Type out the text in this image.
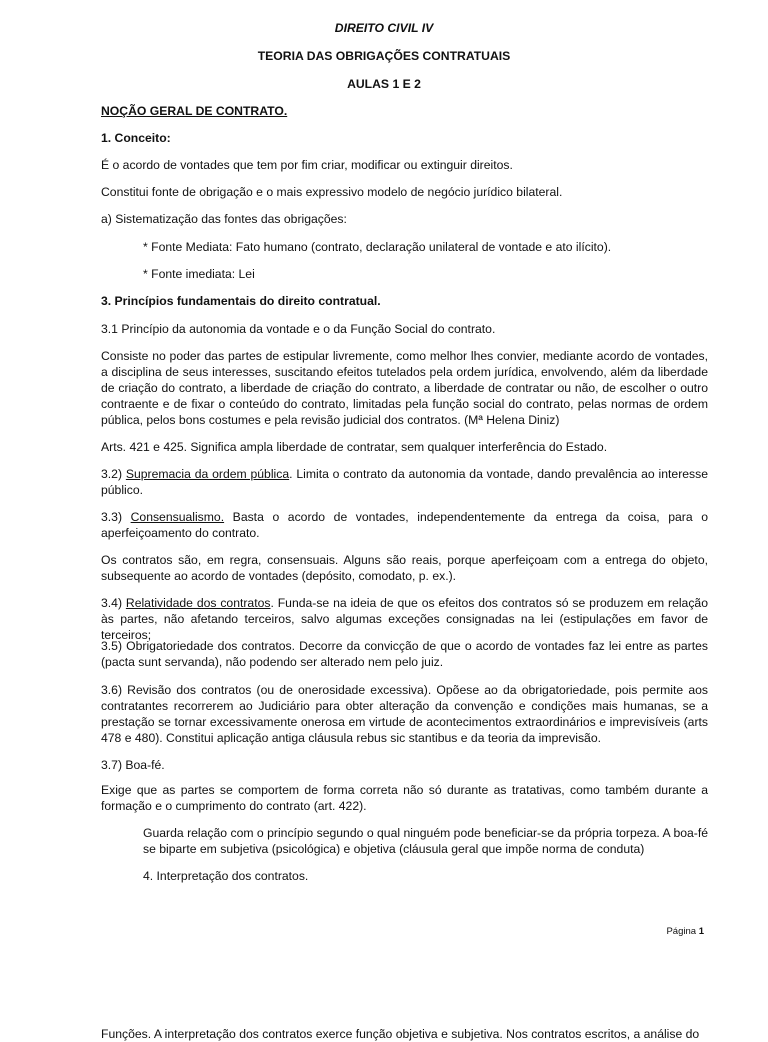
DIREITO CIVIL IV

TEORIA DAS OBRIGAÇÕES CONTRATUAIS

AULAS 1 E 2

NOÇÃO GERAL DE CONTRATO.

1. Conceito:

É o acordo de vontades que tem por fim criar, modificar ou extinguir direitos.

Constitui fonte de obrigação e o mais expressivo modelo de negócio jurídico bilateral.

a) Sistematização das fontes das obrigações:

* Fonte Mediata: Fato humano (contrato, declaração unilateral de vontade e ato ilícito).

* Fonte imediata: Lei

3. Princípios fundamentais do direito contratual.

3.1 Princípio da autonomia da vontade e o da Função Social do contrato.

Consiste no poder das partes de estipular livremente, como melhor lhes convier, mediante acordo de vontades, a disciplina de seus interesses, suscitando efeitos tutelados pela ordem jurídica, envolvendo, além da liberdade de criação do contrato, a liberdade de criação do contrato, a liberdade de contratar ou não, de escolher o outro contraente e de fixar o conteúdo do contrato, limitadas pela função social do contrato, pelas normas de ordem pública, pelos bons costumes e pela revisão judicial dos contratos. (Mª Helena Diniz)

Arts. 421 e 425. Significa ampla liberdade de contratar, sem qualquer interferência do Estado.

3.2) Supremacia da ordem pública. Limita o contrato da autonomia da vontade, dando prevalência ao interesse público.

3.3) Consensualismo. Basta o acordo de vontades, independentemente da entrega da coisa, para o aperfeiçoamento do contrato.

Os contratos são, em regra, consensuais. Alguns são reais, porque aperfeiçoam com a entrega do objeto, subsequente ao acordo de vontades (depósito, comodato, p. ex.).

3.4) Relatividade dos contratos. Funda-se na ideia de que os efeitos dos contratos só se produzem em relação às partes, não afetando terceiros, salvo algumas exceções consignadas na lei (estipulações em favor de terceiros;

3.5) Obrigatoriedade dos contratos. Decorre da convicção de que o acordo de vontades faz lei entre as partes (pacta sunt servanda), não podendo ser alterado nem pelo juiz.

3.6) Revisão dos contratos (ou de onerosidade excessiva). Opõese ao da obrigatoriedade, pois permite aos contratantes recorrerem ao Judiciário para obter alteração da convenção e condições mais humanas, se a prestação se tornar excessivamente onerosa em virtude de acontecimentos extraordinários e imprevisíveis (arts 478 e 480). Constitui aplicação antiga cláusula rebus sic stantibus e da teoria da imprevisão.

3.7) Boa-fé.

Exige que as partes se comportem de forma correta não só durante as tratativas, como também durante a formação e o cumprimento do contrato (art. 422).

Guarda relação com o princípio segundo o qual ninguém pode beneficiar-se da própria torpeza. A boa-fé se biparte em subjetiva (psicológica) e objetiva (cláusula geral que impõe norma de conduta)

4. Interpretação dos contratos.

Página 1

Funções. A interpretação dos contratos exerce função objetiva e subjetiva. Nos contratos escritos, a análise do
